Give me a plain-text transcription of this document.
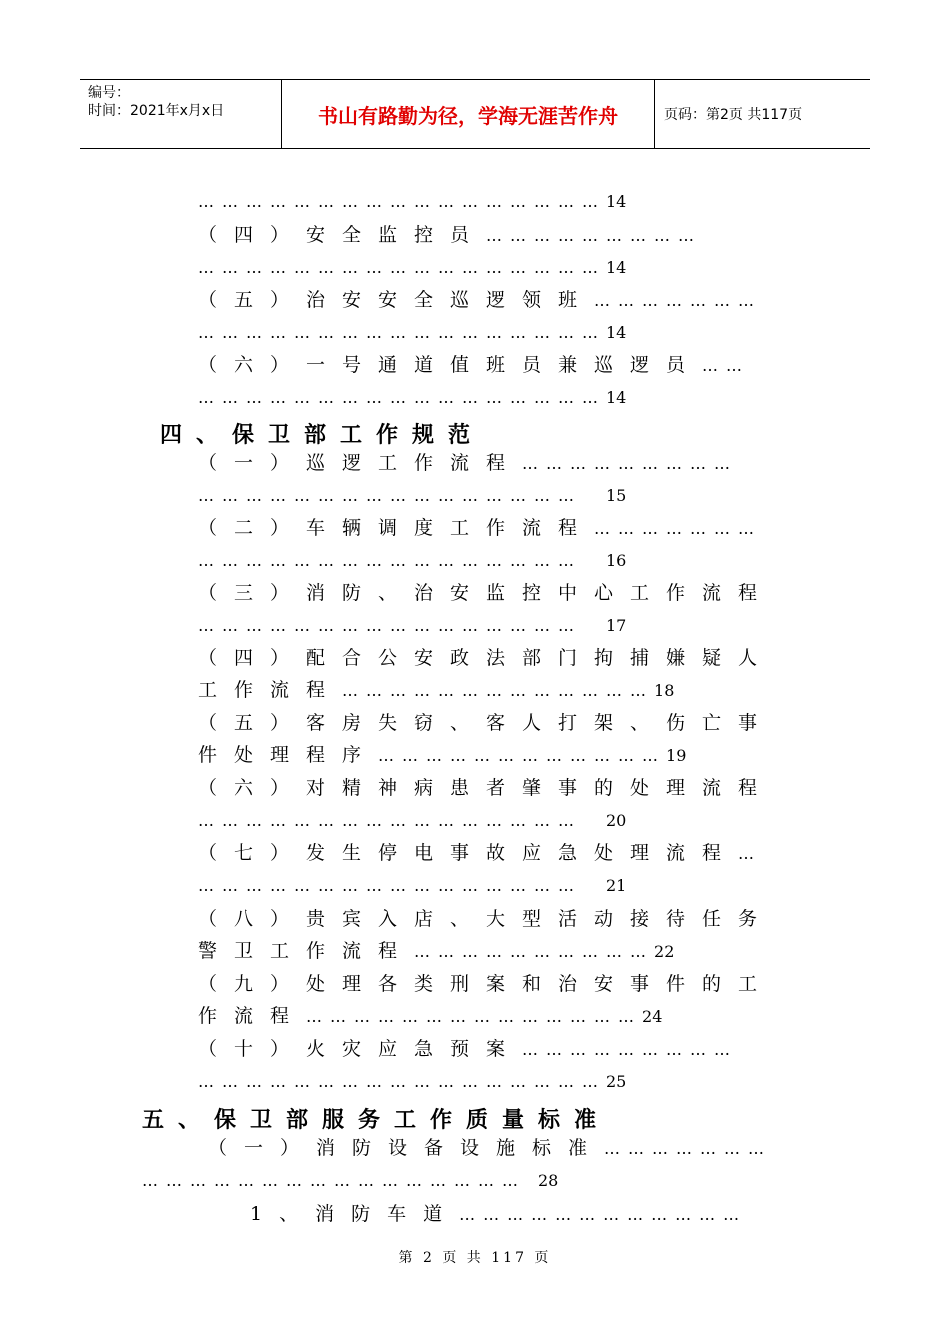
编号：
时间：2021年x月x日	书山有路勤为径，学海无涯苦作舟	页码：第2页 共117页
……………………………………………14
（四）安全监控员………………………
……………………………………………14
（五）治安安全巡逻领班…………………
……………………………………………14
（六）一号通道值班员兼巡逻员……
……………………………………………14
四、保卫部工作规范
（一）巡逻工作流程………………………
………………………………………… 15
（二）车辆调度工作流程…………………
………………………………………… 16
（三）消防、治安监控中心工作流程
………………………………………… 17
（四）配合公安政法部门拘捕嫌疑人
工作流程…………………………………18
（五）客房失窃、客人打架、伤亡事
件处理程序………………………………19
（六）对精神病患者肇事的处理流程
………………………………………… 20
（七）发生停电事故应急处理流程…
………………………………………… 21
（八）贵宾入店、大型活动接待任务
警卫工作流程…………………………22
（九）处理各类刑案和治安事件的工
作流程……………………………………24
（十）火灾应急预案………………………
……………………………………………25
五、保卫部服务工作质量标准
（一）消防设备设施标准…………………
………………………………………… 28
1、消防车道………………………………
第 2 页 共 117 页
